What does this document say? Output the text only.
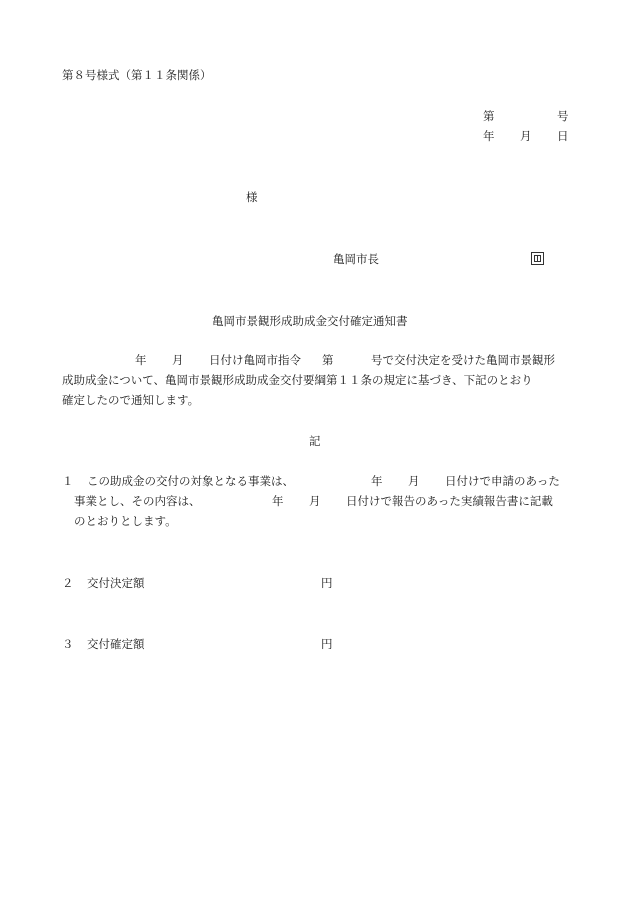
第８号様式（第１１条関係）
第	号
年 月 日
様
亀岡市長
亀岡市景観形成助成金交付確定通知書
年 月 日付け亀岡市指令 第	号で交付決定を受けた亀岡市景観形
成助成金について、亀岡市景観形成助成金交付要綱第１１条の規定に基づき、下記のとおり
確定したので通知します。
記
１ この助成金の交付の対象となる事業は、	年 月 日付けで申請のあった
事業とし、その内容は、	年 月 日付けで報告のあった実績報告書に記載
のとおりとします。
２ 交付決定額	円
３ 交付確定額	円
